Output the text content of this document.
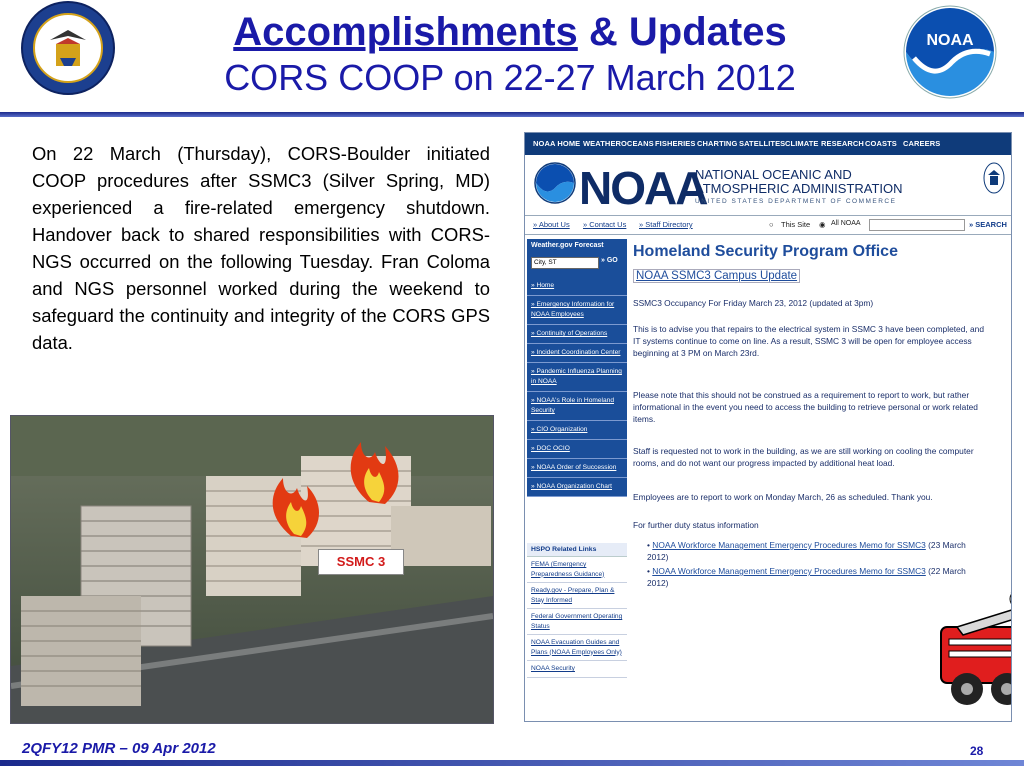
Accomplishments & Updates
CORS COOP on 22-27 March 2012
NOAA
On 22 March (Thursday), CORS-Boulder initiated COOP procedures after SSMC3 (Silver Spring, MD) experienced a fire-related emergency shutdown. Handover back to shared responsibilities with CORS-NGS occurred on the following Tuesday. Fran Coloma and NGS personnel worked during the weekend to safeguard the continuity and integrity of the CORS GPS data.
SSMC 3
NOAA HOME WEATHER OCEANS FISHERIES CHARTING SATELLITES CLIMATE RESEARCH COASTS CAREERS
NOAA
NATIONAL OCEANIC AND
ATMOSPHERIC ADMINISTRATION
UNITED STATES DEPARTMENT OF COMMERCE
» About Us » Contact Us » Staff Directory	○ This Site ◉ All NOAA	» SEARCH
Weather.gov Forecast
City, ST	» GO
» Home
» Emergency Information for NOAA Employees
» Continuity of Operations
» Incident Coordination Center
» Pandemic Influenza Planning in NOAA
» NOAA's Role in Homeland Security
» CIO Organization
» DOC OCIO
» NOAA Order of Succession
» NOAA Organization Chart
HSPO Related Links
FEMA (Emergency Preparedness Guidance)
Ready.gov - Prepare, Plan & Stay Informed
Federal Government Operating Status
NOAA Evacuation Guides and Plans (NOAA Employees Only)
NOAA Security
Homeland Security Program Office
NOAA SSMC3 Campus Update
SSMC3 Occupancy For Friday March 23, 2012 (updated at 3pm)
This is to advise you that repairs to the electrical system in SSMC 3 have been completed, and IT systems continue to come on line. As a result, SSMC 3 will be open for employee access beginning at 3 PM on March 23rd.
Please note that this should not be construed as a requirement to report to work, but rather informational in the event you need to access the building to retrieve personal or work related items.
Staff is requested not to work in the building, as we are still working on cooling the computer rooms, and do not want our progress impacted by additional heat load.
Employees are to report to work on Monday March, 26 as scheduled. Thank you.
For further duty status information
• NOAA Workforce Management Emergency Procedures Memo for SSMC3 (23 March 2012)
• NOAA Workforce Management Emergency Procedures Memo for SSMC3 (22 March 2012)
2QFY12 PMR – 09 Apr 2012	28
